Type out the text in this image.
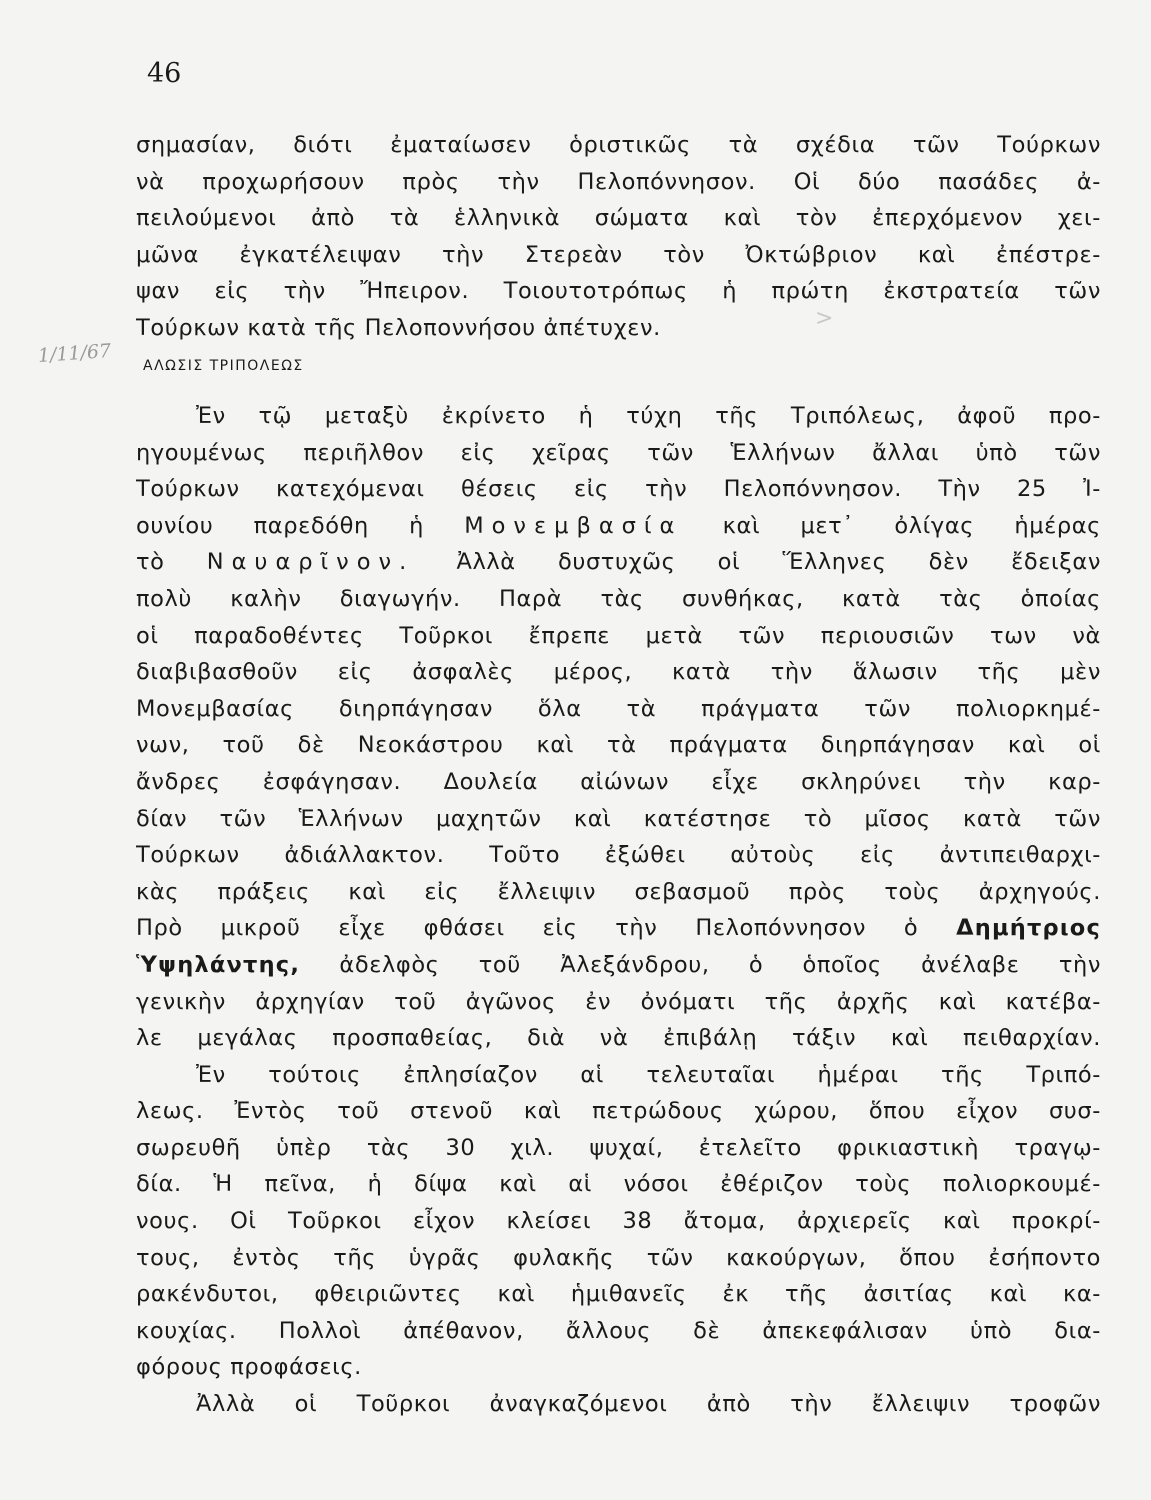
46
σημασίαν, διότι ἐματαίωσεν ὁριστικῶς τὰ σχέδια τῶν Τούρκων
νὰ προχωρήσουν πρὸς τὴν Πελοπόννησον. Οἱ δύο πασάδες ἀ-
πειλούμενοι ἀπὸ τὰ ἑλληνικὰ σώματα καὶ τὸν ἐπερχόμενον χει-
μῶνα ἐγκατέλειψαν τὴν Στερεὰν τὸν Ὀκτώβριον καὶ ἐπέστρε-
ψαν εἰς τὴν Ἤπειρον. Τοιουτοτρόπως ἡ πρώτη ἐκστρατεία τῶν
Τούρκων κατὰ τῆς Πελοποννήσου ἀπέτυχεν.	>
1/11/67 ΑΛΩΣΙΣ ΤΡΙΠΟΛΕΩΣ
Ἐν τῷ μεταξὺ ἐκρίνετο ἡ τύχη τῆς Τριπόλεως, ἀφοῦ προ-
ηγουμένως περιῆλθον εἰς χεῖρας τῶν Ἑλλήνων ἄλλαι ὑπὸ τῶν
Τούρκων κατεχόμεναι θέσεις εἰς τὴν Πελοπόννησον. Τὴν 25 Ἰ-
ουνίου παρεδόθη ἡ Μονεμβασία καὶ μετ᾽ ὀλίγας ἡμέρας
τὸ Ναυαρῖνον. Ἀλλὰ δυστυχῶς οἱ Ἕλληνες δὲν ἔδειξαν
πολὺ καλὴν διαγωγήν. Παρὰ τὰς συνθήκας, κατὰ τὰς ὁποίας
οἱ παραδοθέντες Τοῦρκοι ἔπρεπε μετὰ τῶν περιουσιῶν των νὰ
διαβιβασθοῦν εἰς ἀσφαλὲς μέρος, κατὰ τὴν ἅλωσιν τῆς μὲν
Μονεμβασίας διηρπάγησαν ὅλα τὰ πράγματα τῶν πολιορκημέ-
νων, τοῦ δὲ Νεοκάστρου καὶ τὰ πράγματα διηρπάγησαν καὶ οἱ
ἄνδρες ἐσφάγησαν. Δουλεία αἰώνων εἶχε σκληρύνει τὴν καρ-
δίαν τῶν Ἑλλήνων μαχητῶν καὶ κατέστησε τὸ μῖσος κατὰ τῶν
Τούρκων ἀδιάλλακτον. Τοῦτο ἐξώθει αὐτοὺς εἰς ἀντιπειθαρχι-
κὰς πράξεις καὶ εἰς ἔλλειψιν σεβασμοῦ πρὸς τοὺς ἀρχηγούς.
Πρὸ μικροῦ εἶχε φθάσει εἰς τὴν Πελοπόννησον ὁ Δημήτριος
Ὑψηλάντης, ἀδελφὸς τοῦ Ἀλεξάνδρου, ὁ ὁποῖος ἀνέλαβε τὴν
γενικὴν ἀρχηγίαν τοῦ ἀγῶνος ἐν ὀνόματι τῆς ἀρχῆς καὶ κατέβα-
λε μεγάλας προσπαθείας, διὰ νὰ ἐπιβάλῃ τάξιν καὶ πειθαρχίαν.
Ἐν τούτοις ἐπλησίαζον αἱ τελευταῖαι ἡμέραι τῆς Τριπό-
λεως. Ἐντὸς τοῦ στενοῦ καὶ πετρώδους χώρου, ὅπου εἶχον συσ-
σωρευθῆ ὑπὲρ τὰς 30 χιλ. ψυχαί, ἐτελεῖτο φρικιαστικὴ τραγῳ-
δία. Ἡ πεῖνα, ἡ δίψα καὶ αἱ νόσοι ἐθέριζον τοὺς πολιορκουμέ-
νους. Οἱ Τοῦρκοι εἶχον κλείσει 38 ἄτομα, ἀρχιερεῖς καὶ προκρί-
τους, ἐντὸς τῆς ὑγρᾶς φυλακῆς τῶν κακούργων, ὅπου ἐσήποντο
ρακένδυτοι, φθειριῶντες καὶ ἡμιθανεῖς ἐκ τῆς ἀσιτίας καὶ κα-
κουχίας. Πολλοὶ ἀπέθανον, ἄλλους δὲ ἀπεκεφάλισαν ὑπὸ δια-
φόρους προφάσεις.
Ἀλλὰ οἱ Τοῦρκοι ἀναγκαζόμενοι ἀπὸ τὴν ἔλλειψιν τροφῶν
